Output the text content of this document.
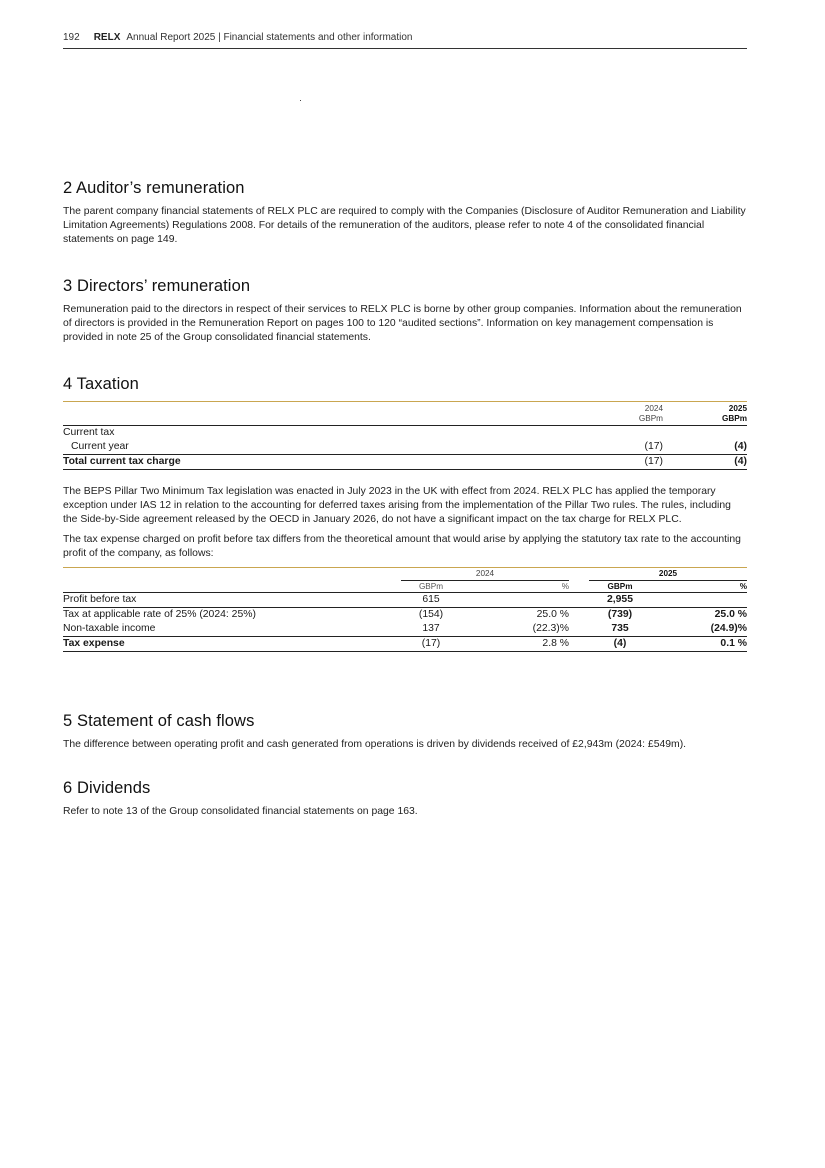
192 RELX Annual Report 2025 | Financial statements and other information
2 Auditor’s remuneration

The parent company financial statements of RELX PLC are required to comply with the Companies (Disclosure of Auditor Remuneration and Liability Limitation Agreements) Regulations 2008. For details of the remuneration of the auditors, please refer to note 4 of the consolidated financial statements on page 149.

3 Directors’ remuneration

Remuneration paid to the directors in respect of their services to RELX PLC is borne by other group companies. Information about the remuneration of directors is provided in the Remuneration Report on pages 100 to 120 “audited sections”. Information on key management compensation is provided in note 25 of the Group consolidated financial statements.

4 Taxation
	2024	2025
	GBPm	GBPm
Current tax		
Current year	(17)	(4)
Total current tax charge	(17)	(4)

The BEPS Pillar Two Minimum Tax legislation was enacted in July 2023 in the UK with effect from 2024. RELX PLC has applied the temporary exception under IAS 12 in relation to the accounting for deferred taxes arising from the implementation of the Pillar Two rules. The rules, including the Side-by-Side agreement released by the OECD in January 2026, do not have a significant impact on the tax charge for RELX PLC.

The tax expense charged on profit before tax differs from the theoretical amount that would arise by applying the statutory tax rate to the accounting profit of the company, as follows:

	2024			2025	
	GBPm	%		GBPm	%
Profit before tax	615			2,955	
Tax at applicable rate of 25% (2024: 25%)	(154)	25.0 %		(739)	25.0 %
Non-taxable income	137	(22.3)%		735	(24.9)%
Tax expense	(17)	2.8 %		(4)	0.1 %
5 Statement of cash flows

The difference between operating profit and cash generated from operations is driven by dividends received of £2,943m (2024: £549m).

6 Dividends

Refer to note 13 of the Group consolidated financial statements on page 163.
